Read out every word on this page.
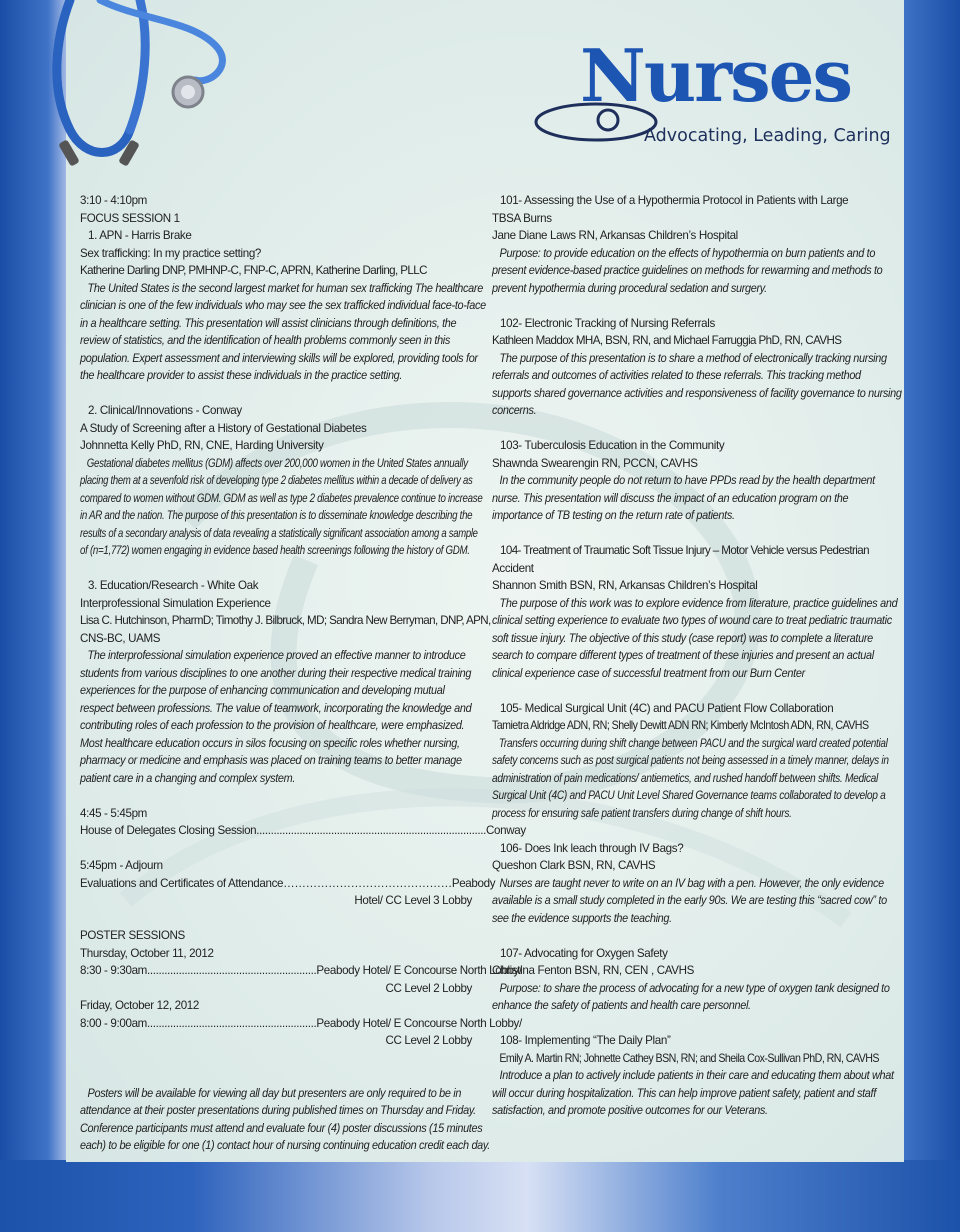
Nurses
Advocating, Leading, Caring
3:10 - 4:10pm
FOCUS SESSION 1
1. APN - Harris Brake
Sex trafficking: In my practice setting?
Katherine Darling DNP, PMHNP-C, FNP-C, APRN, Katherine Darling, PLLC
The United States is the second largest market for human sex trafficking The healthcare
clinician is one of the few individuals who may see the sex trafficked individual face-to-face
in a healthcare setting. This presentation will assist clinicians through definitions, the
review of statistics, and the identification of health problems commonly seen in this
population. Expert assessment and interviewing skills will be explored, providing tools for
the healthcare provider to assist these individuals in the practice setting.
2. Clinical/Innovations - Conway
A Study of Screening after a History of Gestational Diabetes
Johnnetta Kelly PhD, RN, CNE, Harding University
Gestational diabetes mellitus (GDM) affects over 200,000 women in the United States annually
placing them at a sevenfold risk of developing type 2 diabetes mellitus within a decade of delivery as
compared to women without GDM. GDM as well as type 2 diabetes prevalence continue to increase
in AR and the nation. The purpose of this presentation is to disseminate knowledge describing the
results of a secondary analysis of data revealing a statistically significant association among a sample
of (n=1,772) women engaging in evidence based health screenings following the history of GDM.
3. Education/Research - White Oak
Interprofessional Simulation Experience
Lisa C. Hutchinson, PharmD; Timothy J. Bilbruck, MD; Sandra New Berryman, DNP, APN,
CNS-BC, UAMS
The interprofessional simulation experience proved an effective manner to introduce
students from various disciplines to one another during their respective medical training
experiences for the purpose of enhancing communication and developing mutual
respect between professions. The value of teamwork, incorporating the knowledge and
contributing roles of each profession to the provision of healthcare, were emphasized.
Most healthcare education occurs in silos focusing on specific roles whether nursing,
pharmacy or medicine and emphasis was placed on training teams to better manage
patient care in a changing and complex system.
4:45 - 5:45pm
House of Delegates Closing Session ................................................................................ Conway
5:45pm - Adjourn
Evaluations and Certificates of Attendance ……………………………………… Peabody
Hotel/ CC Level 3 Lobby
POSTER SESSIONS
Thursday, October 11, 2012
8:30 - 9:30am ........................................................... Peabody Hotel/ E Concourse North Lobby/
CC Level 2 Lobby
Friday, October 12, 2012
8:00 - 9:00am ........................................................... Peabody Hotel/ E Concourse North Lobby/
CC Level 2 Lobby
Posters will be available for viewing all day but presenters are only required to be in
attendance at their poster presentations during published times on Thursday and Friday.
Conference participants must attend and evaluate four (4) poster discussions (15 minutes
each) to be eligible for one (1) contact hour of nursing continuing education credit each day.
101- Assessing the Use of a Hypothermia Protocol in Patients with Large
TBSA Burns
Jane Diane Laws RN, Arkansas Children’s Hospital
Purpose: to provide education on the effects of hypothermia on burn patients and to
present evidence-based practice guidelines on methods for rewarming and methods to
prevent hypothermia during procedural sedation and surgery.
102- Electronic Tracking of Nursing Referrals
Kathleen Maddox MHA, BSN, RN, and Michael Farruggia PhD, RN, CAVHS
The purpose of this presentation is to share a method of electronically tracking nursing
referrals and outcomes of activities related to these referrals. This tracking method
supports shared governance activities and responsiveness of facility governance to nursing
concerns.
103- Tuberculosis Education in the Community
Shawnda Swearengin RN, PCCN, CAVHS
In the community people do not return to have PPDs read by the health department
nurse. This presentation will discuss the impact of an education program on the
importance of TB testing on the return rate of patients.
104- Treatment of Traumatic Soft Tissue Injury – Motor Vehicle versus Pedestrian
Accident
Shannon Smith BSN, RN, Arkansas Children’s Hospital
The purpose of this work was to explore evidence from literature, practice guidelines and
clinical setting experience to evaluate two types of wound care to treat pediatric traumatic
soft tissue injury. The objective of this study (case report) was to complete a literature
search to compare different types of treatment of these injuries and present an actual
clinical experience case of successful treatment from our Burn Center
105- Medical Surgical Unit (4C) and PACU Patient Flow Collaboration
Tamietra Aldridge ADN, RN; Shelly Dewitt ADN RN; Kimberly McIntosh ADN, RN, CAVHS
Transfers occurring during shift change between PACU and the surgical ward created potential
safety concerns such as post surgical patients not being assessed in a timely manner, delays in
administration of pain medications/ antiemetics, and rushed handoff between shifts. Medical
Surgical Unit (4C) and PACU Unit Level Shared Governance teams collaborated to develop a
process for ensuring safe patient transfers during change of shift hours.
106- Does Ink leach through IV Bags?
Queshon Clark BSN, RN, CAVHS
Nurses are taught never to write on an IV bag with a pen. However, the only evidence
available is a small study completed in the early 90s. We are testing this “sacred cow” to
see the evidence supports the teaching.
107- Advocating for Oxygen Safety
Christina Fenton BSN, RN, CEN , CAVHS
Purpose: to share the process of advocating for a new type of oxygen tank designed to
enhance the safety of patients and health care personnel.
108- Implementing “The Daily Plan”
Emily A. Martin RN; Johnette Cathey BSN, RN; and Sheila Cox-Sullivan PhD, RN, CAVHS
Introduce a plan to actively include patients in their care and educating them about what
will occur during hospitalization. This can help improve patient safety, patient and staff
satisfaction, and promote positive outcomes for our Veterans.
